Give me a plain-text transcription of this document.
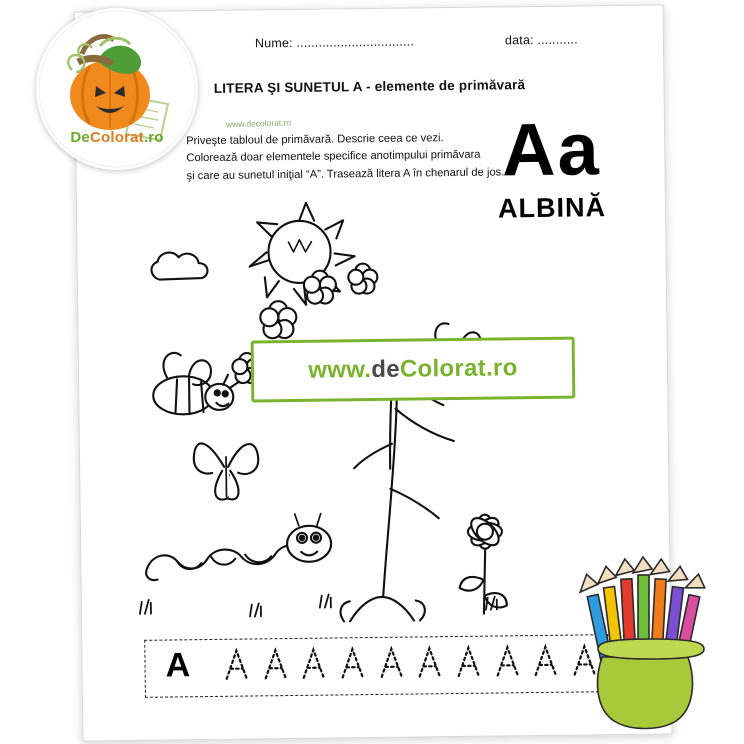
Nume: ................................	data: ...........
LITERA ŞI SUNETUL A - elemente de primăvară
Priveşte tabloul de primăvară. Descrie ceea ce vezi.
Colorează doar elementele specifice anotimpului primăvara
şi care au sunetul iniţial “A”. Trasează litera A în chenarul de jos.
Aa
ALBINĂ
www.deColorat.ro
A
www.decolorat.ro
DeColorat.ro
